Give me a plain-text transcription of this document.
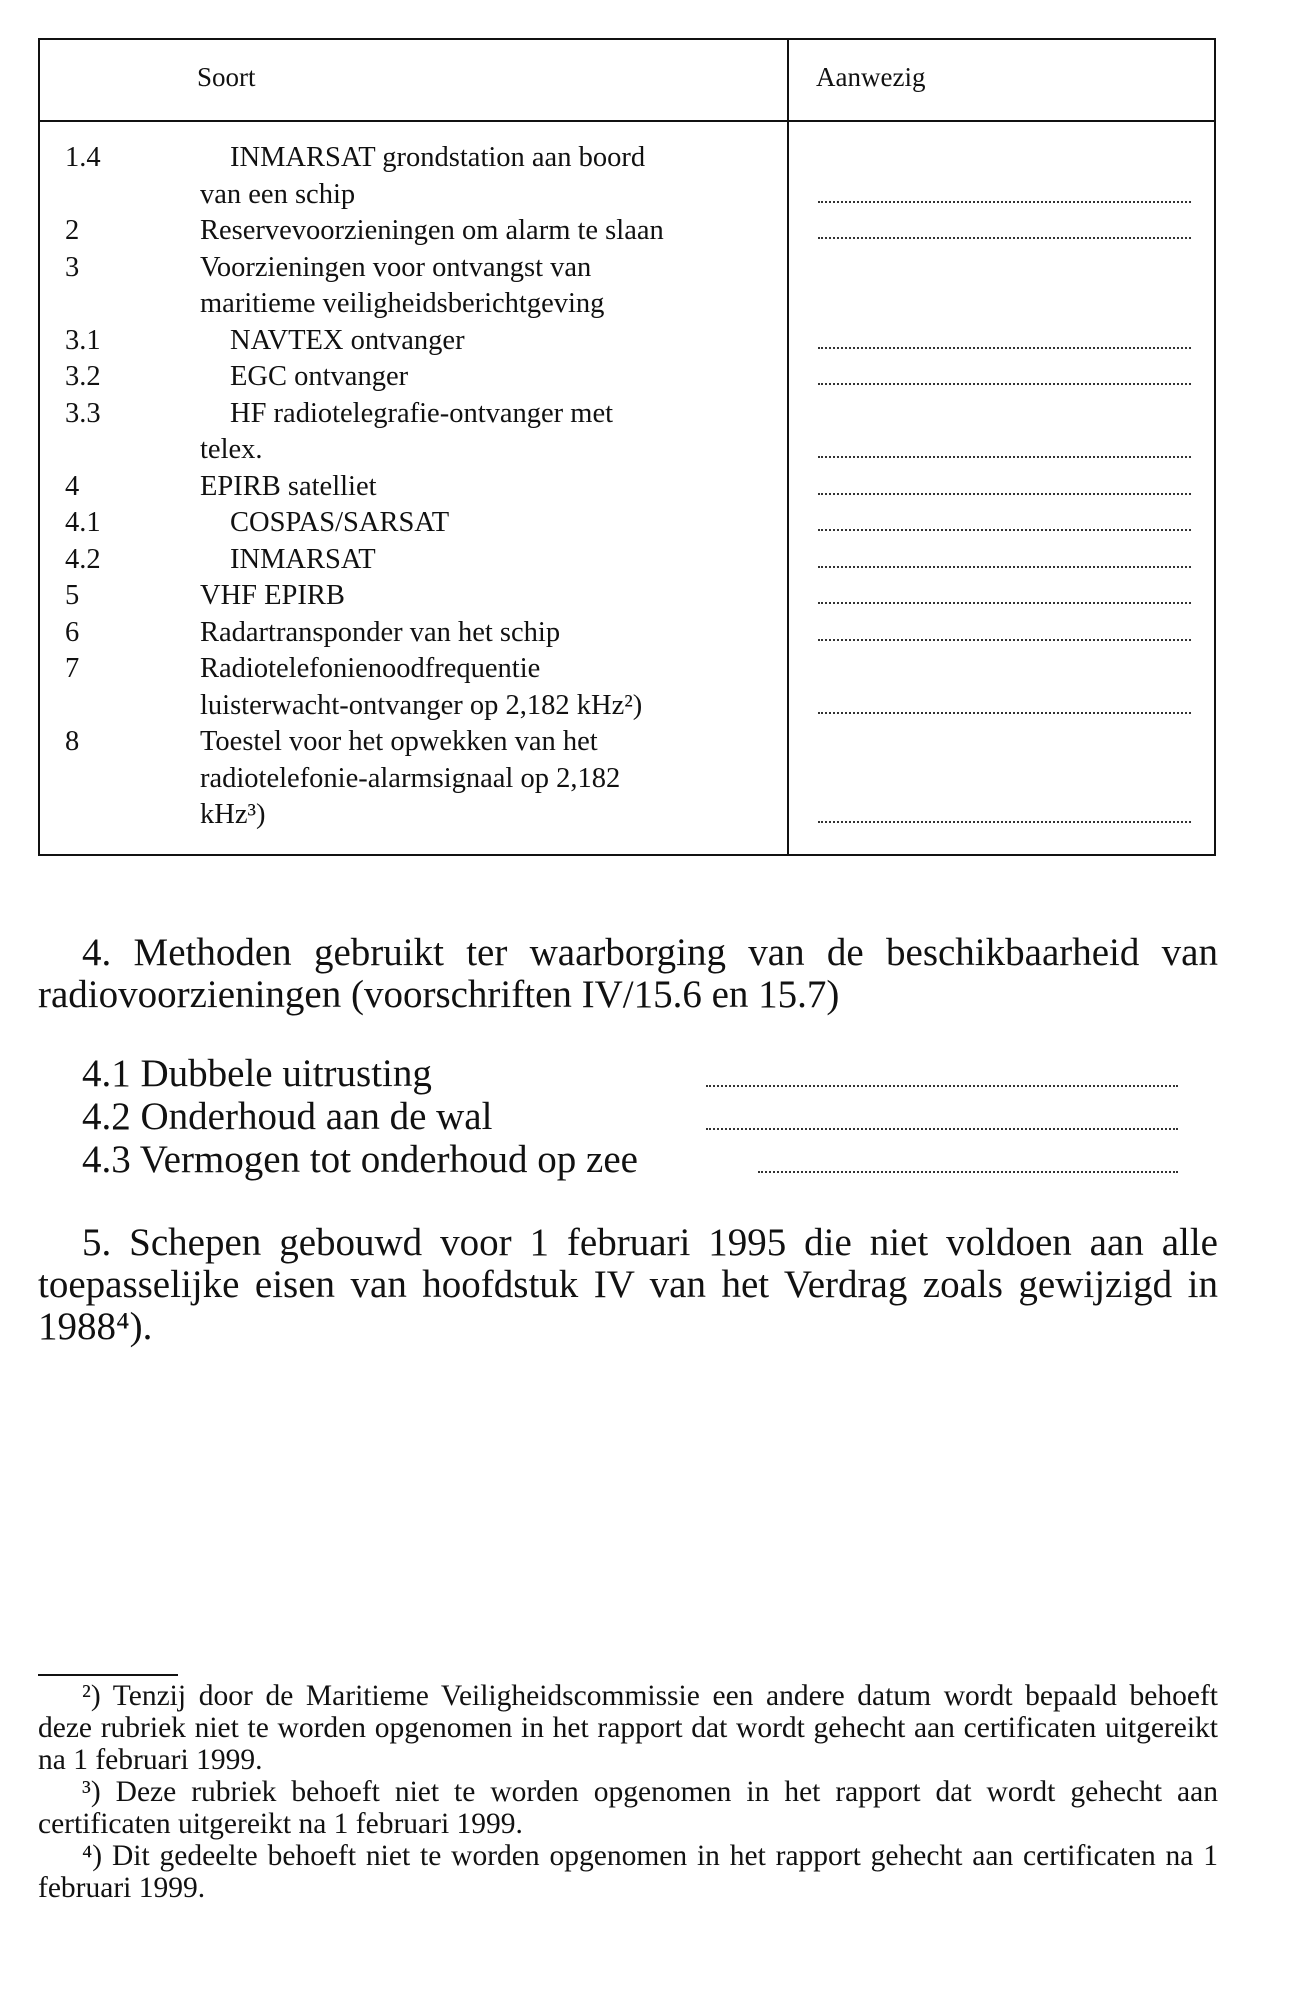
Soort	Aanwezig
1.4	INMARSAT grondstation aan boord
van een schip
2	Reservevoorzieningen om alarm te slaan
3	Voorzieningen voor ontvangst van
maritieme veiligheidsberichtgeving
3.1	NAVTEX ontvanger
3.2	EGC ontvanger
3.3	HF radiotelegrafie-ontvanger met
telex.
4	EPIRB satelliet
4.1	COSPAS/SARSAT
4.2	INMARSAT
5	VHF EPIRB
6	Radartransponder van het schip
7	Radiotelefonienoodfrequentie
luisterwacht-ontvanger op 2,182 kHz²)
8	Toestel voor het opwekken van het
radiotelefonie-alarmsignaal op 2,182
kHz³)
4. Methoden gebruikt ter waarborging van de beschikbaarheid van radiovoorzieningen (voorschriften IV/15.6 en 15.7)
4.1 Dubbele uitrusting
4.2 Onderhoud aan de wal
4.3 Vermogen tot onderhoud op zee
5. Schepen gebouwd voor 1 februari 1995 die niet voldoen aan alle toepasselijke eisen van hoofdstuk IV van het Verdrag zoals gewijzigd in 1988⁴).

²) Tenzij door de Maritieme Veiligheidscommissie een andere datum wordt bepaald behoeft deze rubriek niet te worden opgenomen in het rapport dat wordt gehecht aan certificaten uitgereikt na 1 februari 1999.

³) Deze rubriek behoeft niet te worden opgenomen in het rapport dat wordt gehecht aan certificaten uitgereikt na 1 februari 1999.

⁴) Dit gedeelte behoeft niet te worden opgenomen in het rapport gehecht aan certificaten na 1 februari 1999.
